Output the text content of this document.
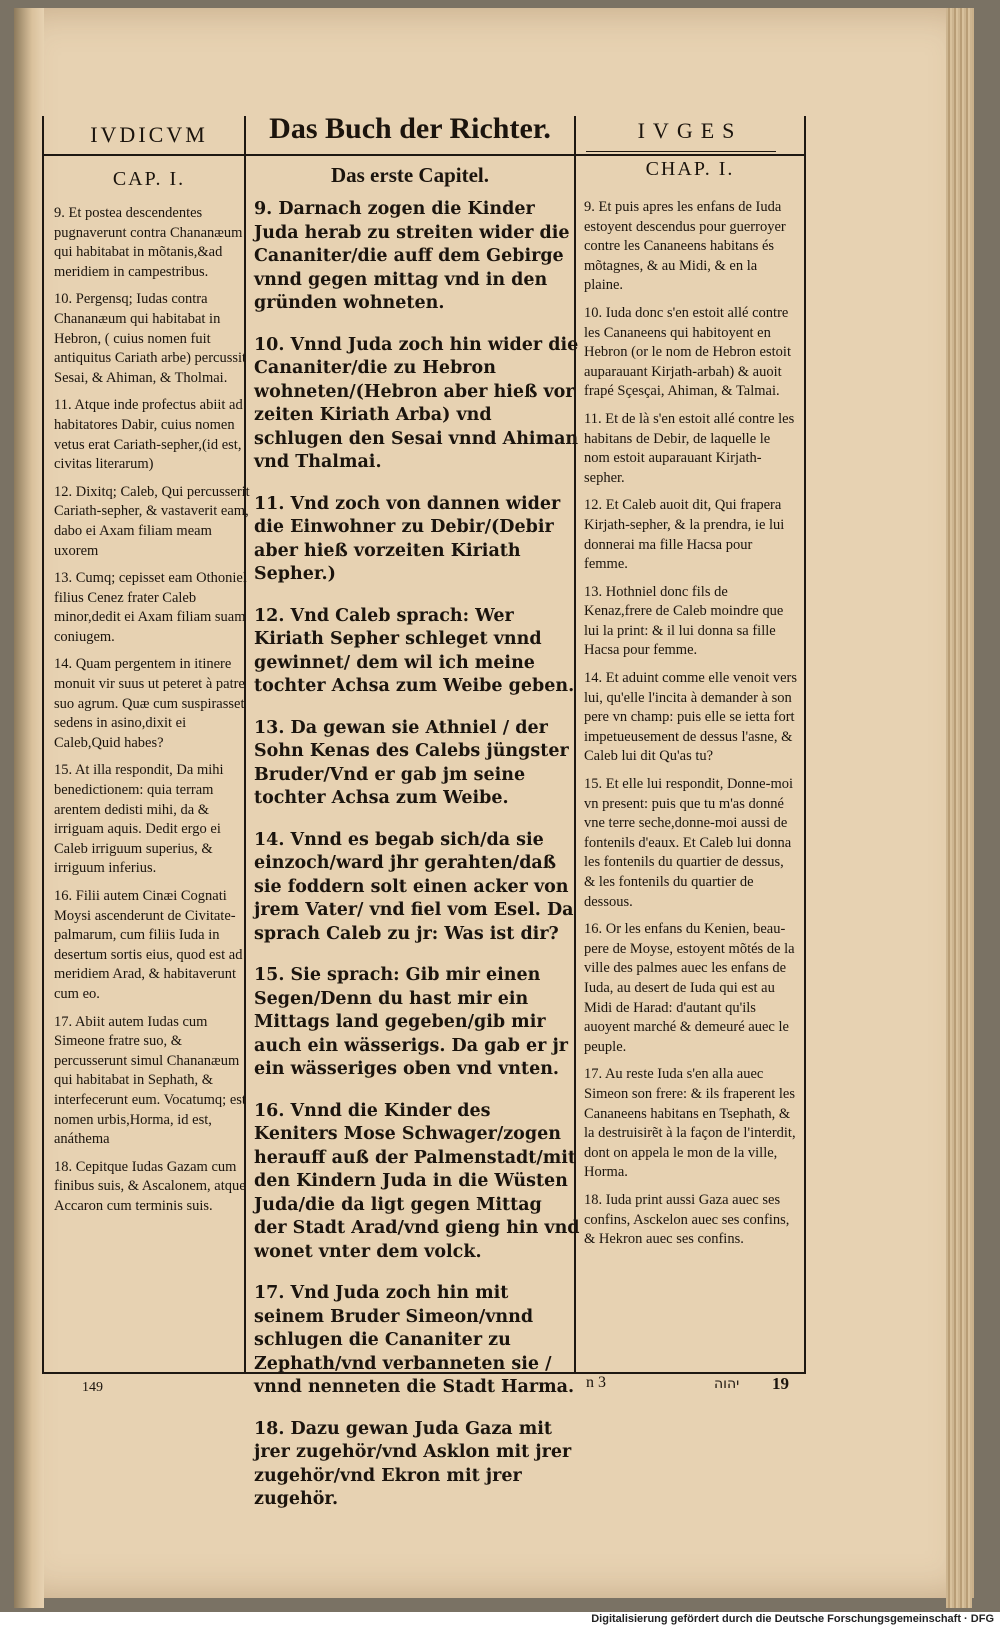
IVDICVM	Das Buch der Richter.	IVGES
CAP. I.	Das erste Capitel.	CHAP. I.

9. Et postea descendentes pugnaverunt contra Chananæum qui habitabat in mõtanis,&ad meridiem in campestribus.

10. Pergensq; Iudas contra Chananæum qui habitabat in Hebron, ( cuius nomen fuit antiquitus Cariath arbe) percussit Sesai, & Ahiman, & Tholmai.

11. Atque inde profectus abiit ad habitatores Dabir, cuius nomen vetus erat Cariath-sepher,(id est, civitas literarum)

12. Dixitq; Caleb, Qui percusserit Cariath-sepher, & vastaverit eam, dabo ei Axam filiam meam uxorem

13. Cumq; cepisset eam Othoniel filius Cenez frater Caleb minor,dedit ei Axam filiam suam coniugem.

14. Quam pergentem in itinere monuit vir suus ut peteret à patre suo agrum. Quæ cum suspirasset sedens in asino,dixit ei Caleb,Quid habes?

15. At illa respondit, Da mihi benedictionem: quia terram arentem dedisti mihi, da & irriguam aquis. Dedit ergo ei Caleb irriguum superius, & irriguum inferius.

16. Filii autem Cinæi Cognati Moysi ascenderunt de Civitate-palmarum, cum filiis Iuda in desertum sortis eius, quod est ad meridiem Arad, & habitaverunt cum eo.

17. Abiit autem Iudas cum Simeone fratre suo, & percusserunt simul Chananæum qui habitabat in Sephath, & interfecerunt eum. Vocatumq; est nomen urbis,Horma, id est, anáthema

18. Cepitque Iudas Gazam cum finibus suis, & Ascalonem, atque Accaron cum terminis suis.

9. Darnach zogen die Kinder Juda herab zu streiten wider die Cananiter/die auff dem Gebirge vnnd gegen mittag vnd in den gründen wohneten.

10. Vnnd Juda zoch hin wider die Cananiter/die zu Hebron wohneten/(Hebron aber hieß vor zeiten Kiriath Arba) vnd schlugen den Sesai vnnd Ahiman vnd Thalmai.

11. Vnd zoch von dannen wider die Einwohner zu Debir/(Debir aber hieß vorzeiten Kiriath Sepher.)

12. Vnd Caleb sprach: Wer Kiriath Sepher schleget vnnd gewinnet/ dem wil ich meine tochter Achsa zum Weibe geben.

13. Da gewan sie Athniel / der Sohn Kenas des Calebs jüngster Bruder/Vnd er gab jm seine tochter Achsa zum Weibe.

14. Vnnd es begab sich/da sie einzoch/ward jhr gerahten/daß sie foddern solt einen acker von jrem Vater/ vnd fiel vom Esel. Da sprach Caleb zu jr: Was ist dir?

15. Sie sprach: Gib mir einen Segen/Denn du hast mir ein Mittags land gegeben/gib mir auch ein wässerigs. Da gab er jr ein wässeriges oben vnd vnten.

16. Vnnd die Kinder des Keniters Mose Schwager/zogen herauff auß der Palmenstadt/mit den Kindern Juda in die Wüsten Juda/die da ligt gegen Mittag der Stadt Arad/vnd gieng hin vnd wonet vnter dem volck.

17. Vnd Juda zoch hin mit seinem Bruder Simeon/vnnd schlugen die Cananiter zu Zephath/vnd verbanneten sie / vnnd nenneten die Stadt Harma.

18. Dazu gewan Juda Gaza mit jrer zugehör/vnd Asklon mit jrer zugehör/vnd Ekron mit jrer zugehör.

9. Et puis apres les enfans de Iuda estoyent descendus pour guerroyer contre les Cananeens habitans és mõtagnes, & au Midi, & en la plaine.

10. Iuda donc s'en estoit allé contre les Cananeens qui habitoyent en Hebron (or le nom de Hebron estoit auparauant Kirjath-arbah) & auoit frapé Sçesçai, Ahiman, & Talmai.

11. Et de là s'en estoit allé contre les habitans de Debir, de laquelle le nom estoit auparauant Kirjath-sepher.

12. Et Caleb auoit dit, Qui frapera Kirjath-sepher, & la prendra, ie lui donnerai ma fille Hacsa pour femme.

13. Hothniel donc fils de Kenaz,frere de Caleb moindre que lui la print: & il lui donna sa fille Hacsa pour femme.

14. Et aduint comme elle venoit vers lui, qu'elle l'incita à demander à son pere vn champ: puis elle se ietta fort impetueusement de dessus l'asne, & Caleb lui dit Qu'as tu?

15. Et elle lui respondit, Donne-moi vn present: puis que tu m'as donné vne terre seche,donne-moi aussi de fontenils d'eaux. Et Caleb lui donna les fontenils du quartier de dessus, & les fontenils du quartier de dessous.

16. Or les enfans du Kenien, beau-pere de Moyse, estoyent mõtés de la ville des palmes auec les enfans de Iuda, au desert de Iuda qui est au Midi de Harad: d'autant qu'ils auoyent marché & demeuré auec le peuple.

17. Au reste Iuda s'en alla auec Simeon son frere: & ils fraperent les Cananeens habitans en Tsephath, & la destruisirẽt à la façon de l'interdit, dont on appela le mon de la ville, Horma.

18. Iuda print aussi Gaza auec ses confins, Asckelon auec ses confins, & Hekron auec ses confins.

149	n 3	יהוה 19
Digitalisierung gefördert durch die Deutsche Forschungsgemeinschaft · DFG
